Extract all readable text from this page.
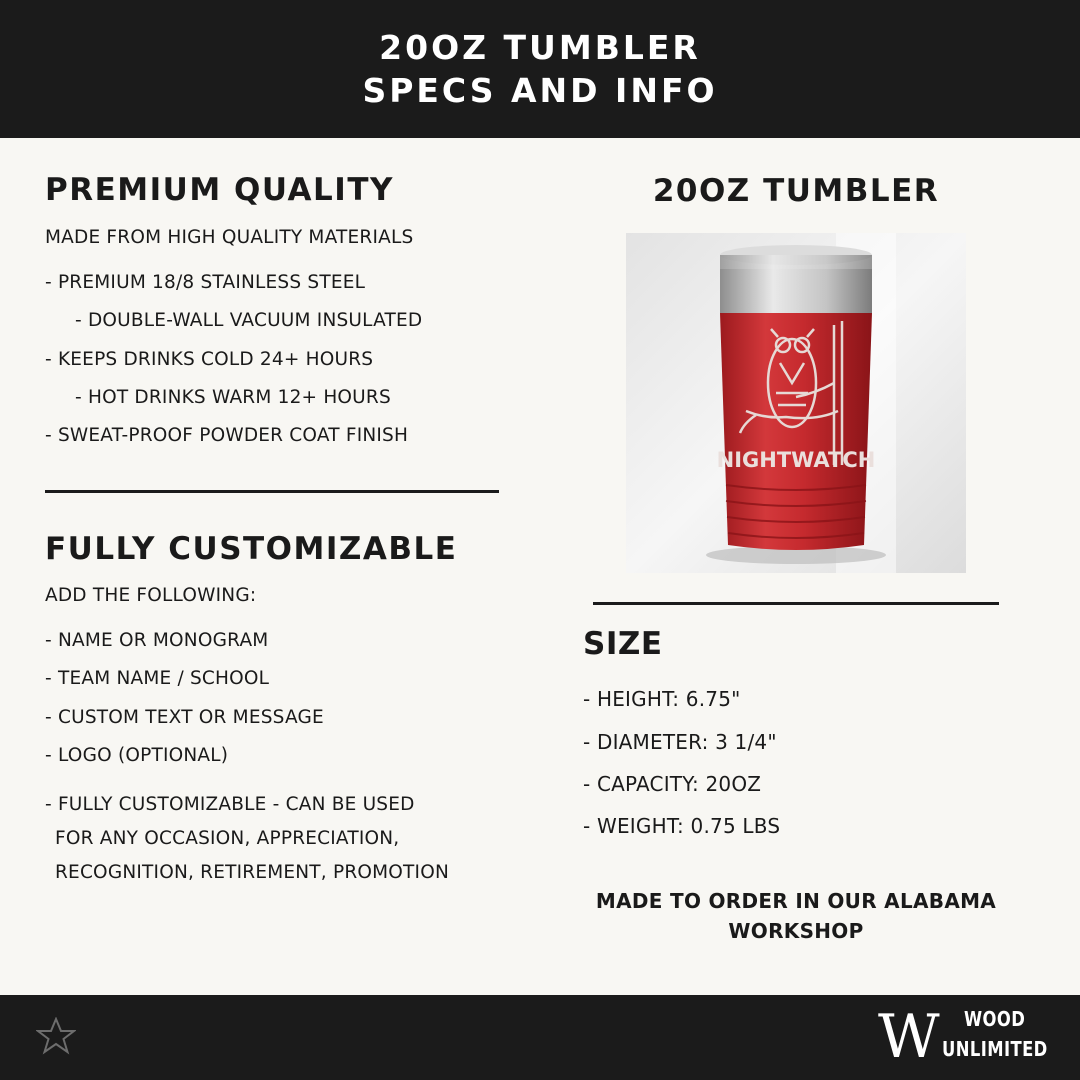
20OZ TUMBLER
SPECS AND INFO
PREMIUM QUALITY
MADE FROM HIGH QUALITY MATERIALS
- PREMIUM 18/8 STAINLESS STEEL
- DOUBLE-WALL VACUUM INSULATED
- KEEPS DRINKS COLD 24+ HOURS
- HOT DRINKS WARM 12+ HOURS
- SWEAT-PROOF POWDER COAT FINISH
FULLY CUSTOMIZABLE
ADD THE FOLLOWING:
- NAME OR MONOGRAM
- TEAM NAME / SCHOOL
- CUSTOM TEXT OR MESSAGE
- LOGO (OPTIONAL)
- FULLY CUSTOMIZABLE - CAN BE USED
FOR ANY OCCASION, APPRECIATION,
RECOGNITION, RETIREMENT, PROMOTION
20OZ TUMBLER
NIGHTWATCH
SIZE
- HEIGHT: 6.75"
- DIAMETER: 3 1/4"
- CAPACITY: 20OZ
- WEIGHT: 0.75 LBS
MADE TO ORDER IN OUR ALABAMA
WORKSHOP
W WOOD
UNLIMITED
